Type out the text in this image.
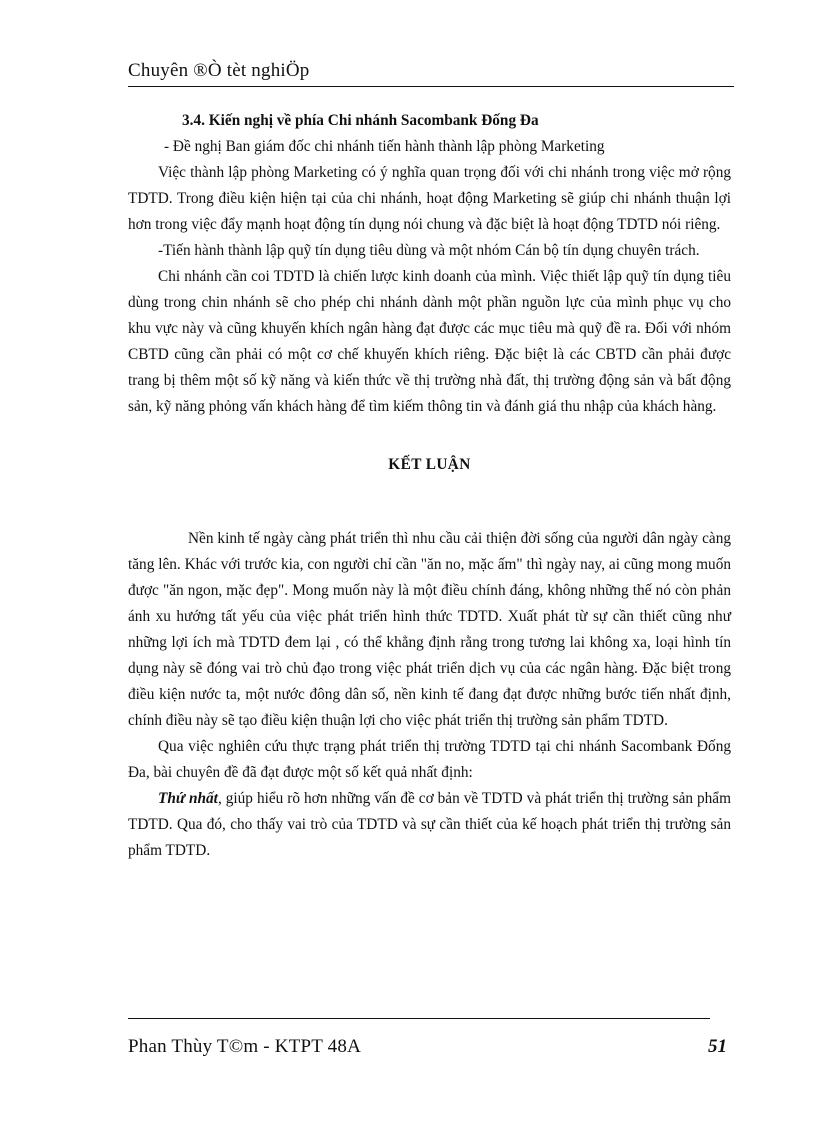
Chuyên ®Ò tèt nghiÖp

3.4. Kiến nghị về phía Chi nhánh Sacombank Đống Đa

- Đề nghị Ban giám đốc chi nhánh tiến hành thành lập phòng Marketing

Việc thành lập phòng Marketing có ý nghĩa quan trọng đối với chi nhánh trong việc mở rộng TDTD. Trong điều kiện hiện tại của chi nhánh, hoạt động Marketing sẽ giúp chi nhánh thuận lợi hơn trong việc đẩy mạnh hoạt động tín dụng nói chung và đặc biệt là hoạt động TDTD nói riêng.

-Tiến hành thành lập quỹ tín dụng tiêu dùng và một nhóm Cán bộ tín dụng chuyên trách.

Chi nhánh cần coi TDTD là chiến lược kinh doanh của mình. Việc thiết lập quỹ tín dụng tiêu dùng trong chin nhánh sẽ cho phép chi nhánh dành một phần nguồn lực của mình phục vụ cho khu vực này và cũng khuyến khích ngân hàng đạt được các mục tiêu mà quỹ đề ra. Đối với nhóm CBTD cũng cần phải có một cơ chế khuyến khích riêng. Đặc biệt là các CBTD cần phải được trang bị thêm một số kỹ năng và kiến thức về thị trường nhà đất, thị trường động sản và bất động sản, kỹ năng phỏng vấn khách hàng để tìm kiếm thông tin và đánh giá thu nhập của khách hàng.

KẾT LUẬN

Nền kinh tế ngày càng phát triển thì nhu cầu cải thiện đời sống của người dân ngày càng tăng lên. Khác với trước kia, con người chỉ cần "ăn no, mặc ấm" thì ngày nay, ai cũng mong muốn được "ăn ngon, mặc đẹp". Mong muốn này là một điều chính đáng, không những thế nó còn phản ánh xu hướng tất yếu của việc phát triển hình thức TDTD. Xuất phát từ sự cần thiết cũng như những lợi ích mà TDTD đem lại , có thể khẳng định rằng trong tương lai không xa, loại hình tín dụng này sẽ đóng vai trò chủ đạo trong việc phát triển dịch vụ của các ngân hàng. Đặc biệt trong điều kiện nước ta, một nước đông dân số, nền kinh tế đang đạt được những bước tiến nhất định, chính điều này sẽ tạo điều kiện thuận lợi cho việc phát triển thị trường sản phẩm TDTD.

Qua việc nghiên cứu thực trạng phát triển thị trường TDTD tại chi nhánh Sacombank Đống Đa, bài chuyên đề đã đạt được một số kết quả nhất định:

Thứ nhất, giúp hiểu rõ hơn những vấn đề cơ bản về TDTD và phát triển thị trường sản phẩm TDTD. Qua đó, cho thấy vai trò của TDTD và sự cần thiết của kế hoạch phát triển thị trường sản phẩm TDTD.

Phan Thùy T©m - KTPT 48A	51
